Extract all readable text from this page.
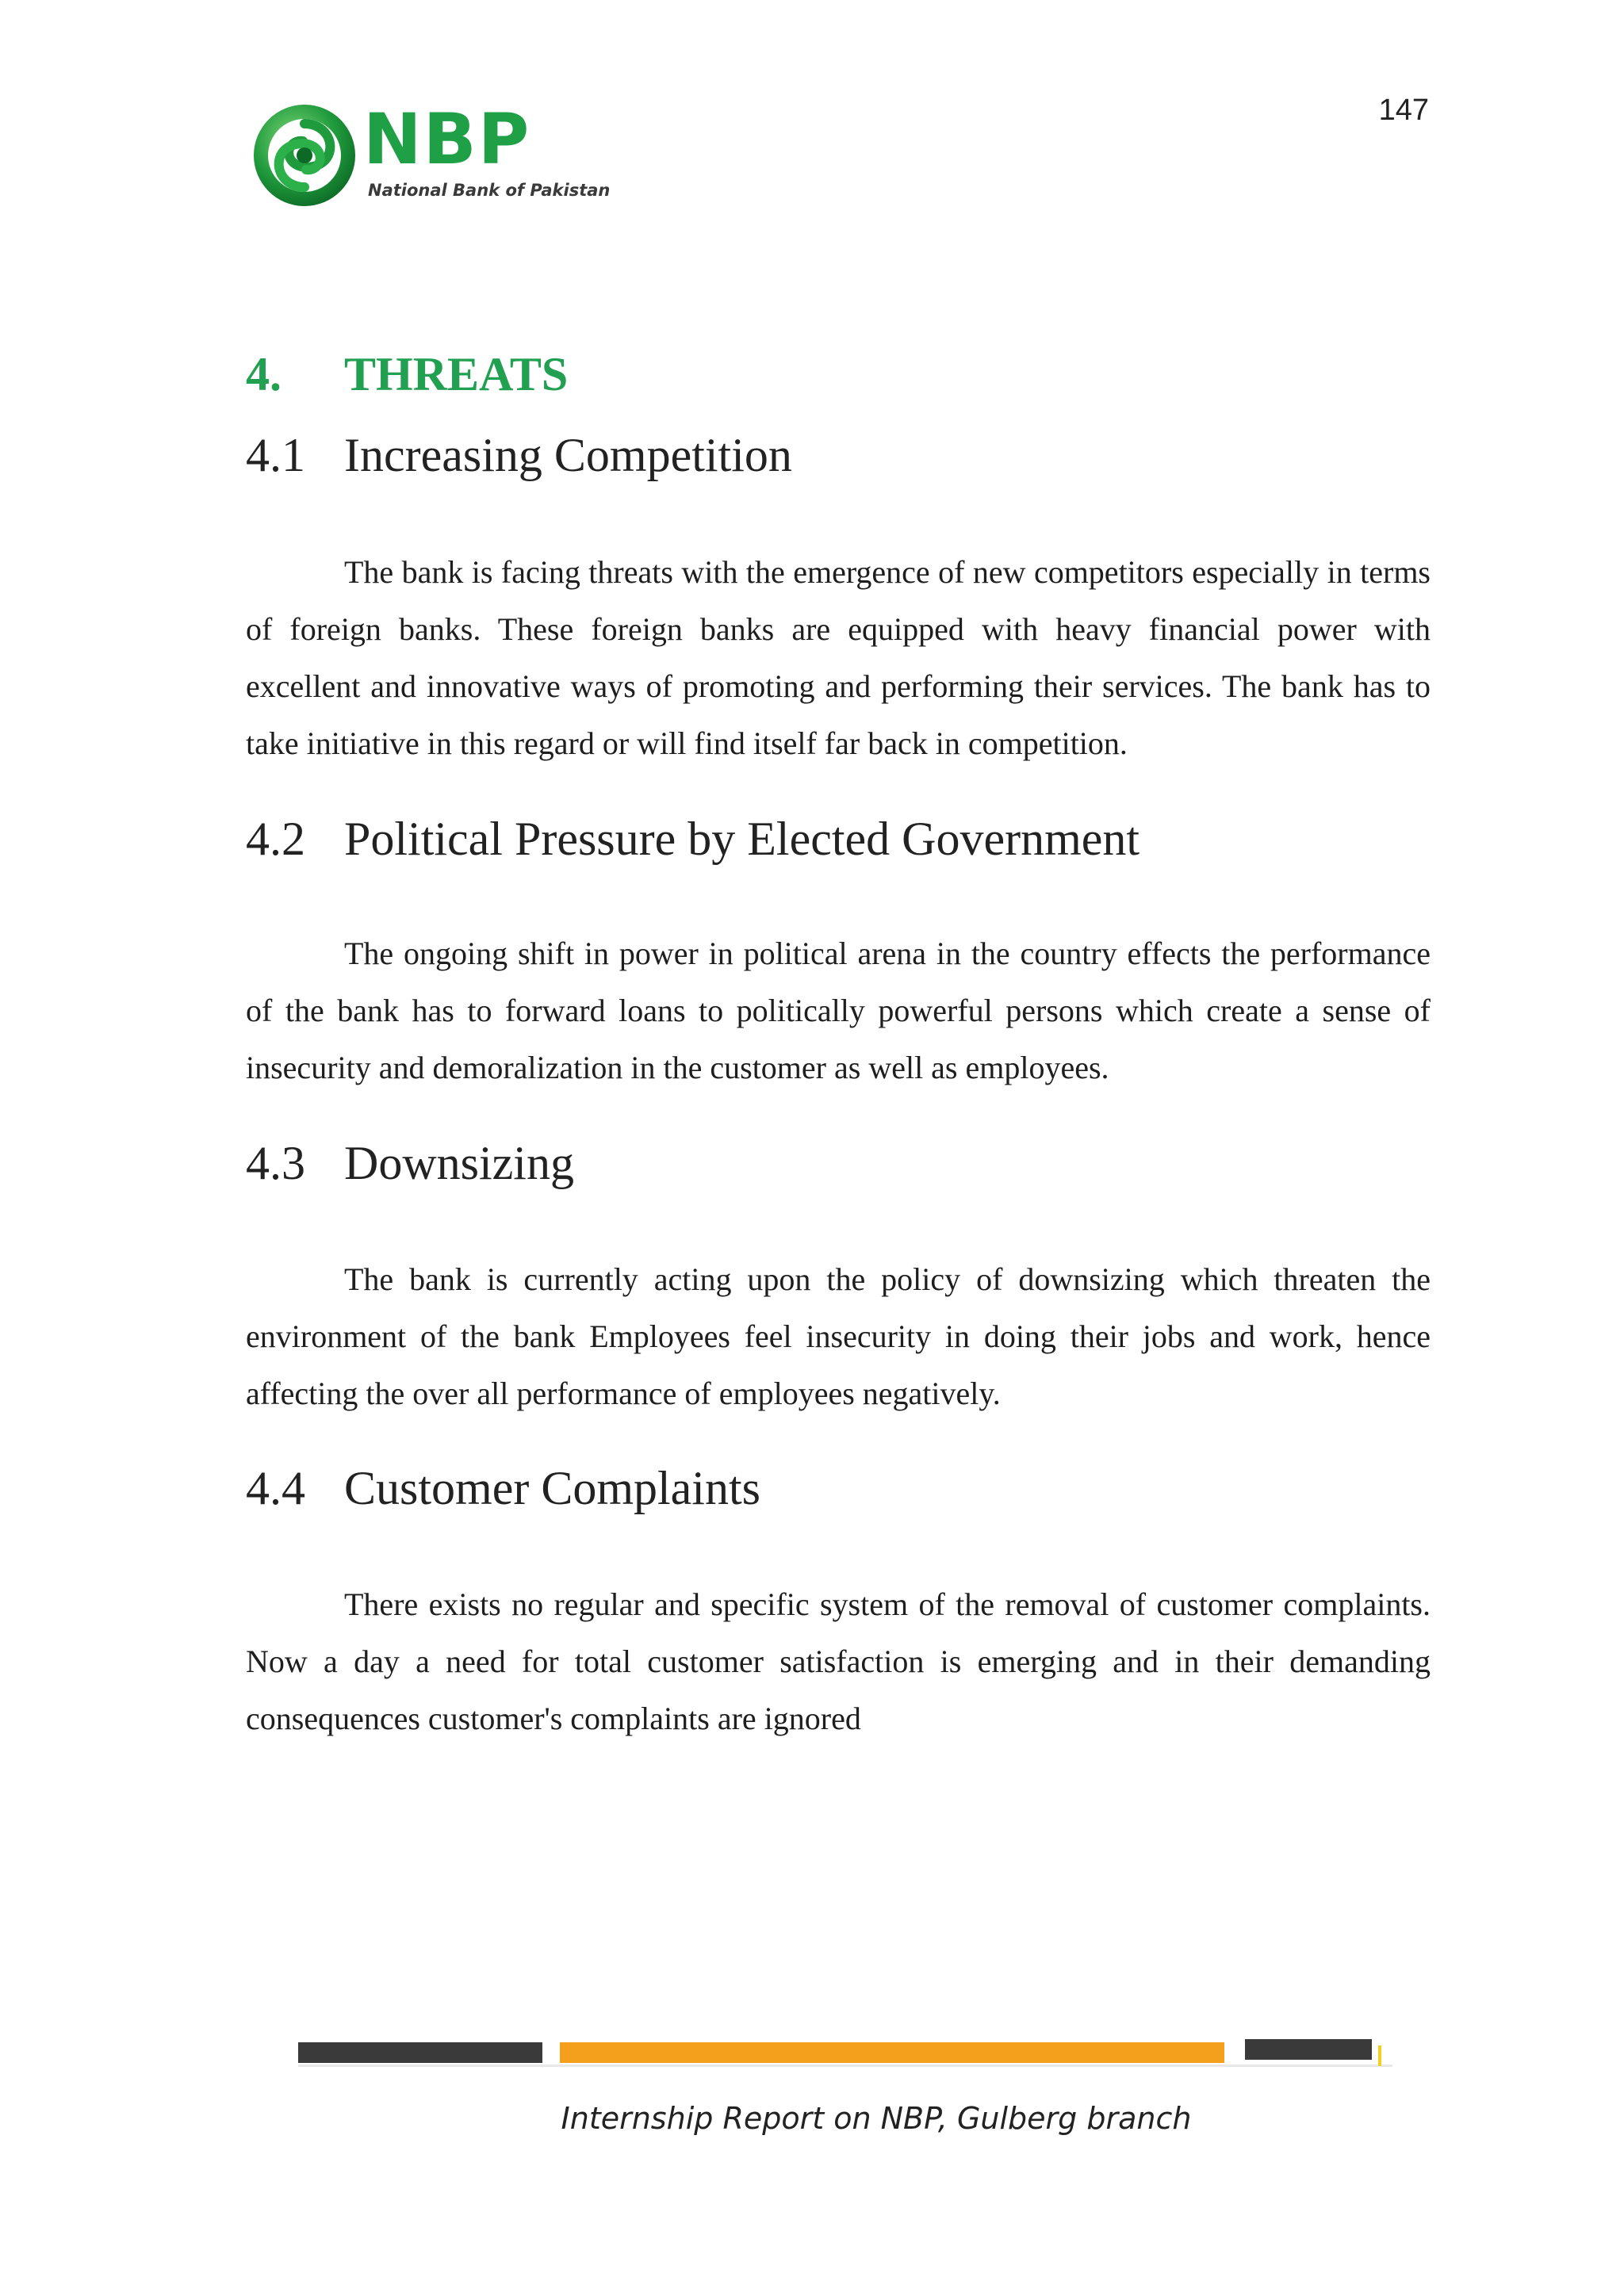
147
NBP
National Bank of Pakistan
4. THREATS
4.1 Increasing Competition

The bank is facing threats with the emergence of new competitors especially in terms of foreign banks. These foreign banks are equipped with heavy financial power with excellent and innovative ways of promoting and performing their services. The bank has to take initiative in this regard or will find itself far back in competition.

4.2 Political Pressure by Elected Government

The ongoing shift in power in political arena in the country effects the performance of the bank has to forward loans to politically powerful persons which create a sense of insecurity and demoralization in the customer as well as employees.

4.3 Downsizing

The bank is currently acting upon the policy of downsizing which threaten the environment of the bank Employees feel insecurity in doing their jobs and work, hence affecting the over all performance of employees negatively.

4.4 Customer Complaints

There exists no regular and specific system of the removal of customer complaints. Now a day a need for total customer satisfaction is emerging and in their demanding consequences customer's complaints are ignored

Internship Report on NBP, Gulberg branch
